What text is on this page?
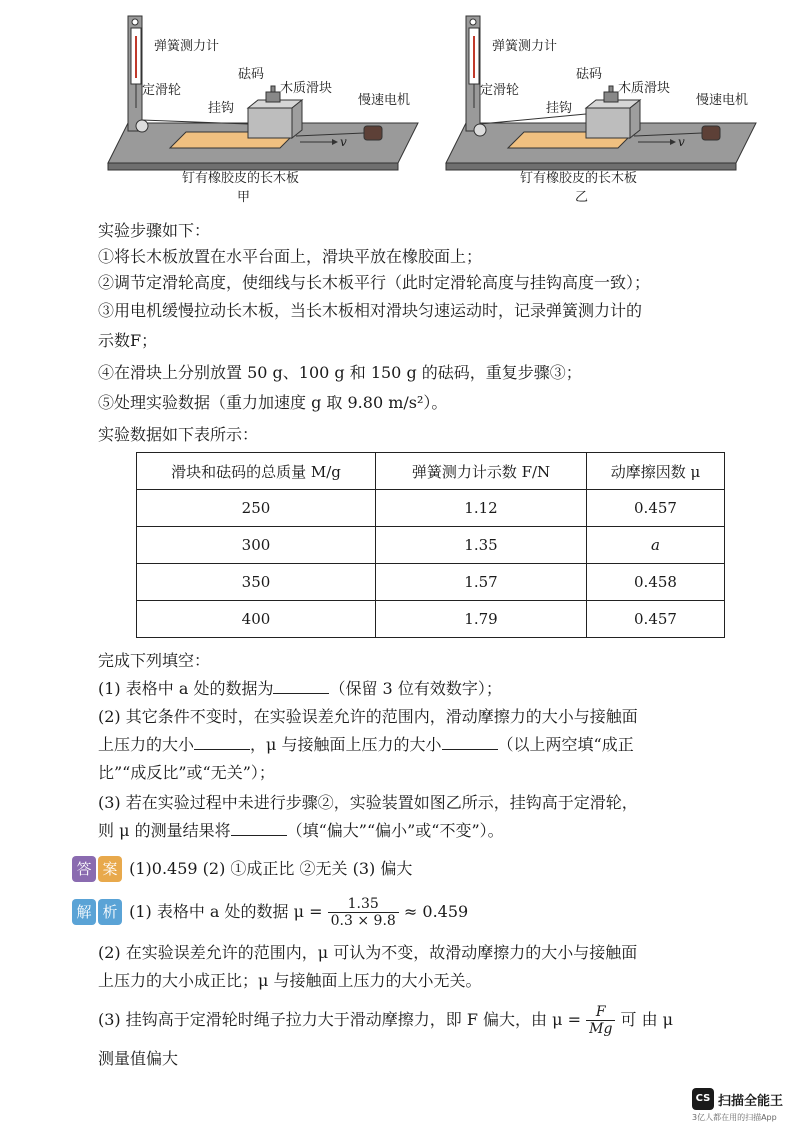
v
弹簧测力计
定滑轮
砝码
木质滑块
慢速电机
挂钩
钉有橡胶皮的长木板
甲
v
弹簧测力计
定滑轮
砝码
木质滑块
慢速电机
挂钩
钉有橡胶皮的长木板
乙
实验步骤如下：
①将长木板放置在水平台面上，滑块平放在橡胶面上；
②调节定滑轮高度，使细线与长木板平行（此时定滑轮高度与挂钩高度一致）；
③用电机缓慢拉动长木板，当长木板相对滑块匀速运动时，记录弹簧测力计的
示数F；
④在滑块上分别放置 50 g、100 g 和 150 g 的砝码，重复步骤③；
⑤处理实验数据（重力加速度 g 取 9.80 m/s²）。
实验数据如下表所示：
滑块和砝码的总质量 M/g	弹簧测力计示数 F/N	动摩擦因数 μ
250	1.12	0.457
300	1.35	a
350	1.57	0.458
400	1.79	0.457
完成下列填空：
(1) 表格中 a 处的数据为	（保留 3 位有效数字）；
(2) 其它条件不变时，在实验误差允许的范围内，滑动摩擦力的大小与接触面
上压力的大小	，μ 与接触面上压力的大小	（以上两空填“成正
比”“成反比”或“无关”）；
(3) 若在实验过程中未进行步骤②，实验装置如图乙所示，挂钩高于定滑轮，
则 μ 的测量结果将	（填“偏大”“偏小”或“不变”）。
答 案 (1)0.459 (2) ①成正比 ②无关 (3) 偏大
解 析 (1) 表格中 a 处的数据 $\mu = \frac{1.35}{0.3 \times 9.8} \approx 0.459$
(2) 在实验误差允许的范围内，μ 可认为不变，故滑动摩擦力的大小与接触面
上压力的大小成正比；μ 与接触面上压力的大小无关。
(3) 挂钩高于定滑轮时绳子拉力大于滑动摩擦力，即 F 偏大，由 $\mu = \frac{F}{Mg}$ 可 由 μ
测量值偏大
CS 扫描全能王
3亿人都在用的扫描App
